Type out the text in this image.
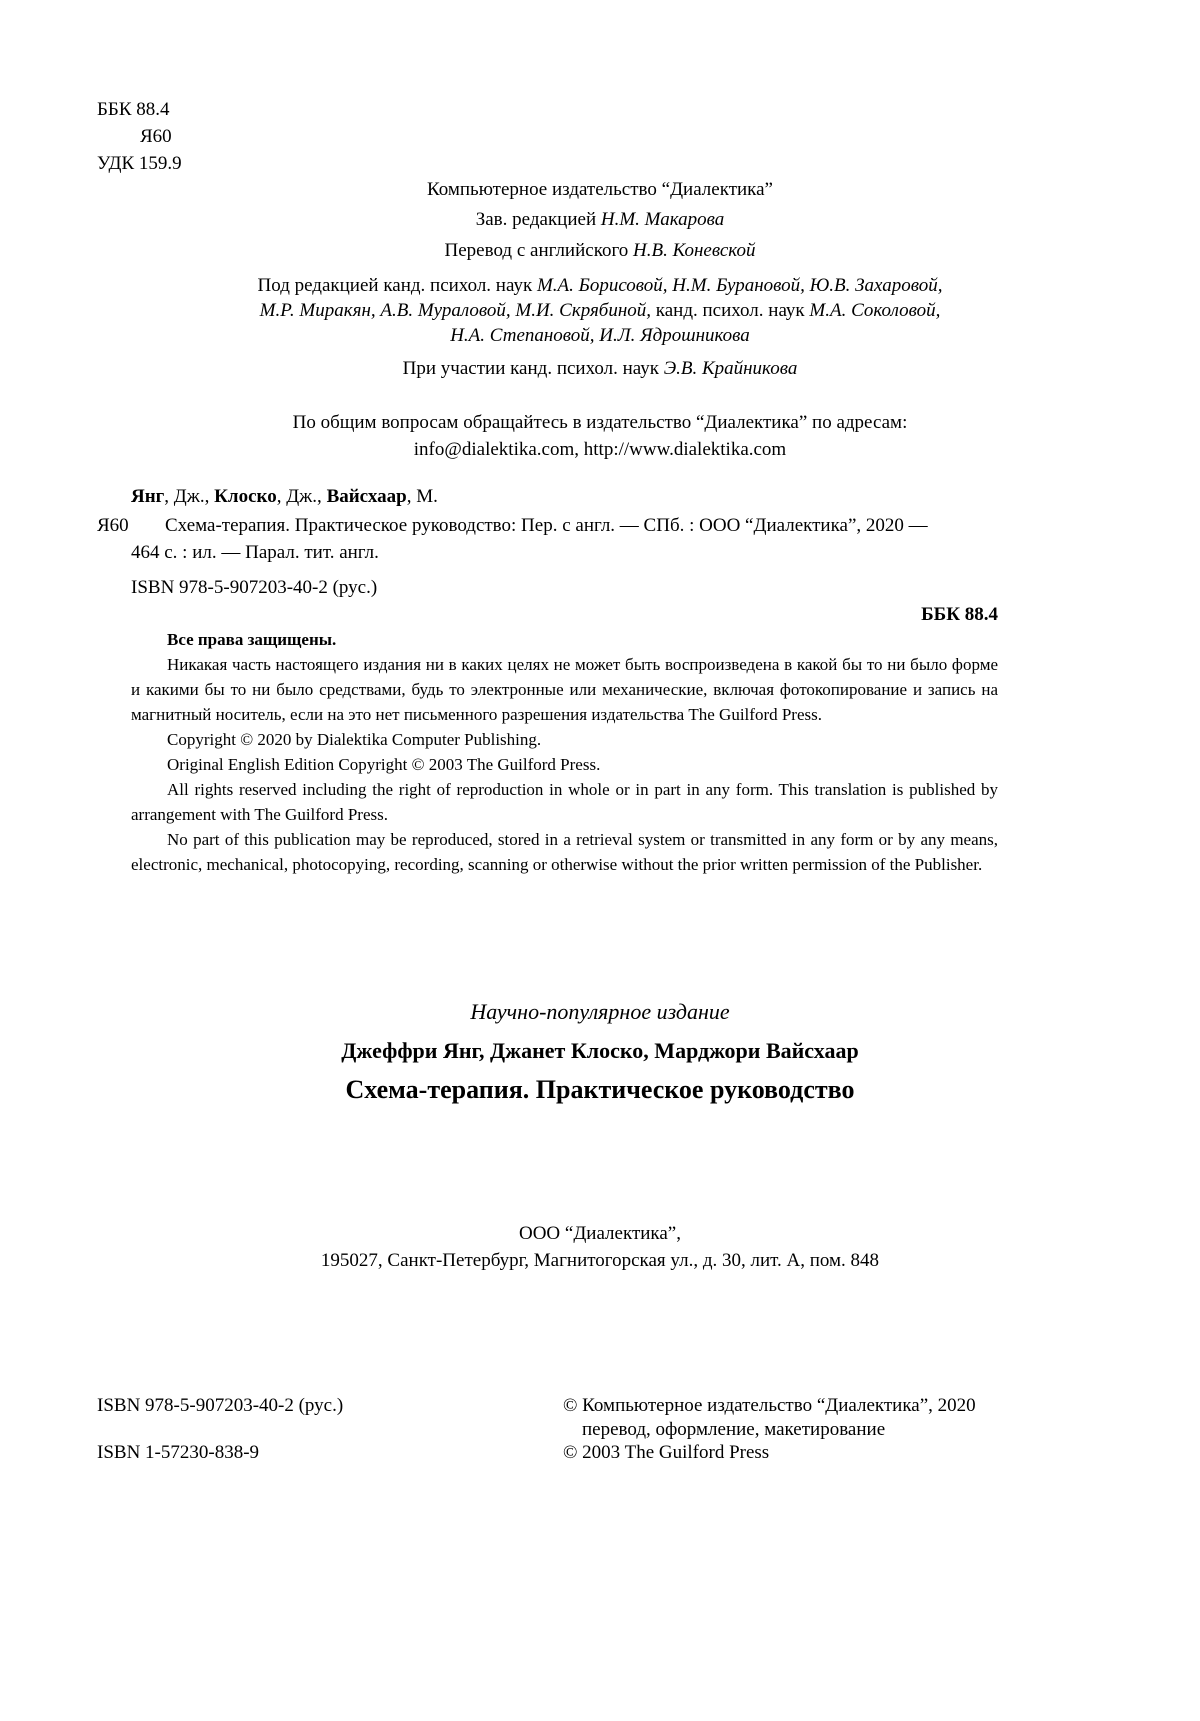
ББК 88.4
Я60
УДК 159.9
Компьютерное издательство “Диалектика”
Зав. редакцией Н.М. Макарова
Перевод с английского Н.В. Коневской
Под редакцией канд. психол. наук М.А. Борисовой, Н.М. Бурановой, Ю.В. Захаровой,
М.Р. Миракян, А.В. Мураловой, М.И. Скрябиной, канд. психол. наук М.А. Соколовой,
Н.А. Степановой, И.Л. Ядрошникова
При участии канд. психол. наук Э.В. Крайникова
По общим вопросам обращайтесь в издательство “Диалектика” по адресам:
info@dialektika.com, http://www.dialektika.com
Янг, Дж., Клоско, Дж., Вайсхаар, М.
Я60 Схема-терапия. Практическое руководство: Пер. с англ. — СПб. : ООО “Диалектика”, 2020 —
464 с. : ил. — Парал. тит. англ.
ISBN 978-5-907203-40-2 (рус.)
ББК 88.4

Все права защищены.

Никакая часть настоящего издания ни в каких целях не может быть воспроизведена в какой бы то ни было форме и какими бы то ни было средствами, будь то электронные или механические, включая фотокопирование и запись на магнитный носитель, если на это нет письменного разрешения издательства The Guilford Press.

Copyright © 2020 by Dialektika Computer Publishing.

Original English Edition Copyright © 2003 The Guilford Press.

All rights reserved including the right of reproduction in whole or in part in any form. This translation is published by arrangement with The Guilford Press.

No part of this publication may be reproduced, stored in a retrieval system or transmitted in any form or by any means, electronic, mechanical, photocopying, recording, scanning or otherwise without the prior written permission of the Publisher.

Научно-популярное издание
Джеффри Янг, Джанет Клоско, Марджори Вайсхаар
Схема-терапия. Практическое руководство
ООО “Диалектика”,
195027, Санкт-Петербург, Магнитогорская ул., д. 30, лит. А, пом. 848
ISBN 978-5-907203-40-2 (рус.)
ISBN 1-57230-838-9
© Компьютерное издательство “Диалектика”, 2020
перевод, оформление, макетирование
© 2003 The Guilford Press
